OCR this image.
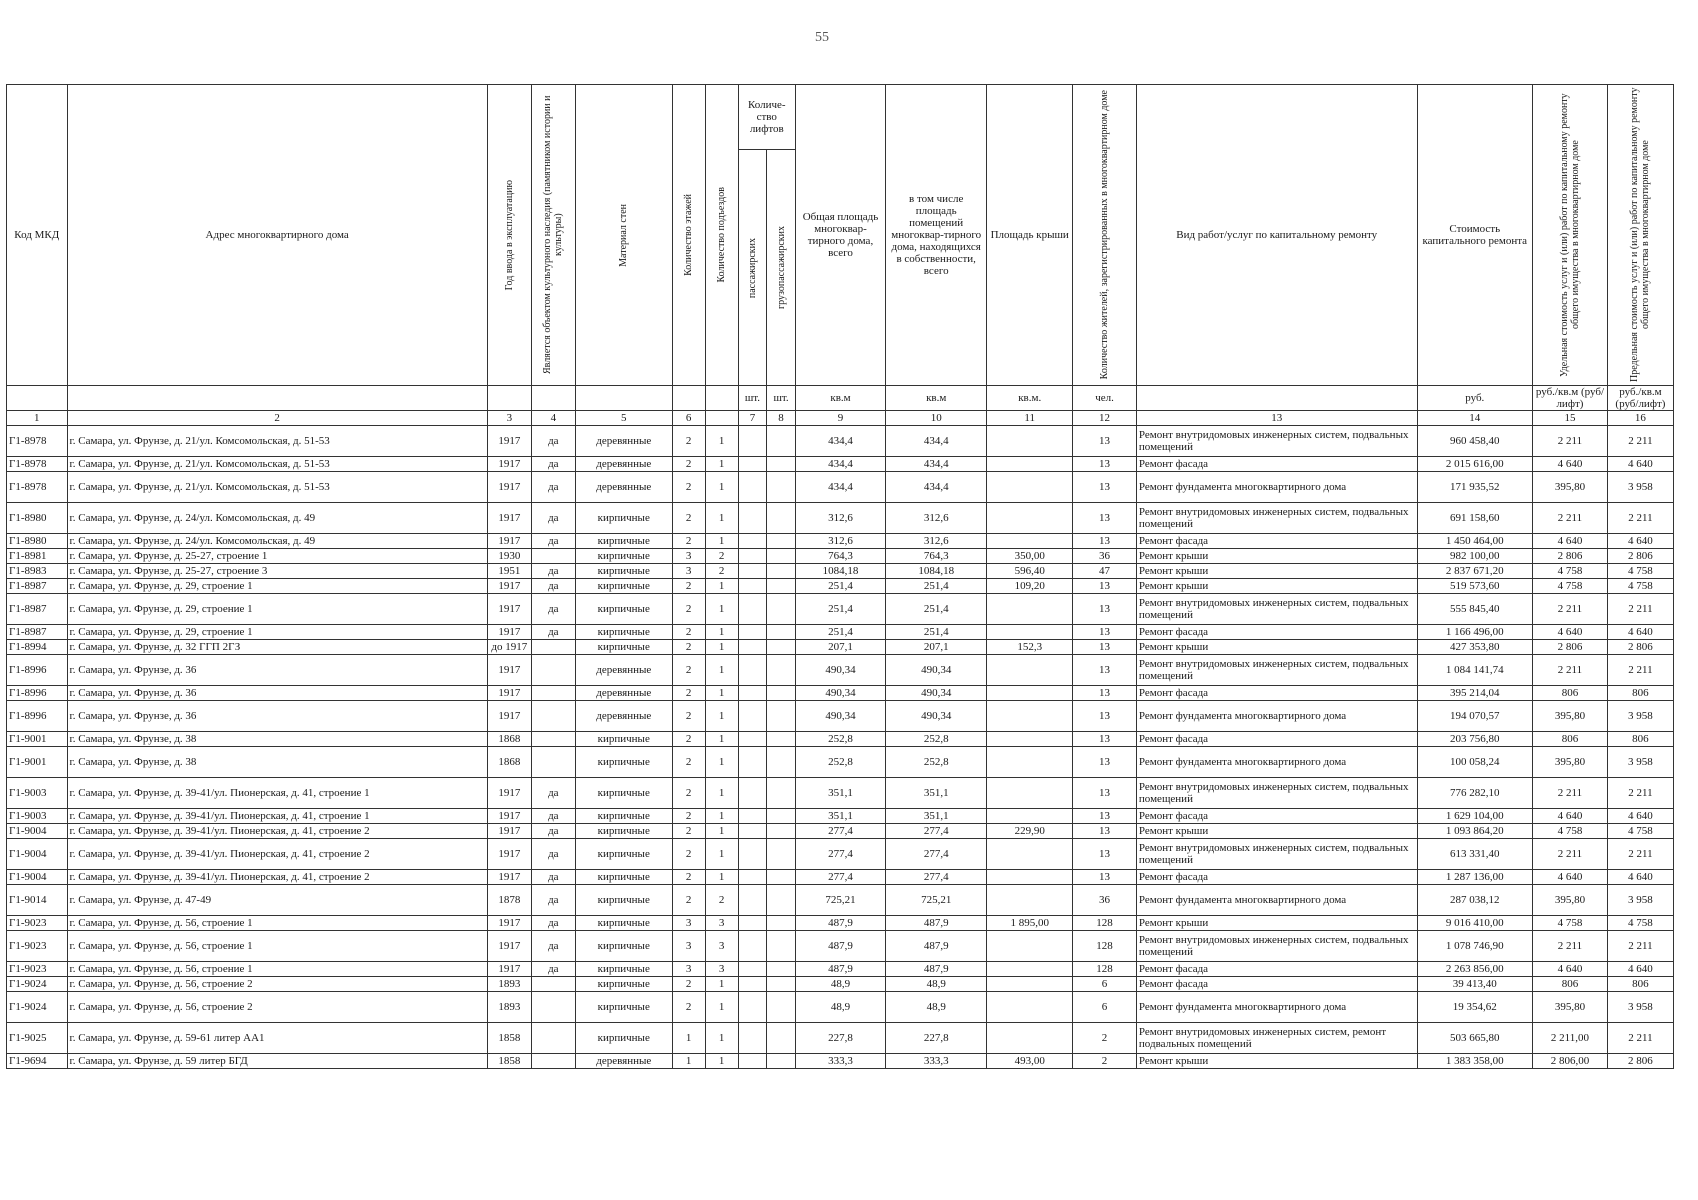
55
Код МКД	Адрес многоквартирного дома	Год ввода в эксплуатацию	Является объектом культурного наследия (памятником истории и культуры)	Материал стен	Количество этажей	Количество подъездов	Количе-ство лифтов		Общая площадь многоквар-тирного дома, всего	в том числе площадь помещений многоквар-тирного дома, находящихся в собственности, всего	Площадь крыши	Количество жителей, зарегистрированных в многоквартирном доме	Вид работ/услуг по капитальному ремонту	Стоимость капитального ремонта	Удельная стоимость услуг и (или) работ по капитальному ремонту общего имущества в многоквартирном доме	Предельная стоимость услуг и (или) работ по капитальному ремонту общего имущества в многоквартирном доме

							пассажирских	грузопассажирских								

							шт.	шт.	кв.м	кв.м	кв.м.	чел.		руб.	руб./кв.м (руб/лифт)	руб./кв.м (руб/лифт)
1	2	3	4	5	6		7	8	9	10	11	12	13	14	15	16
Г1-8978	г. Самара, ул. Фрунзе, д. 21/ул. Комсомольская, д. 51-53	1917	да	деревянные	2	1			434,4	434,4		13	Ремонт внутридомовых инженерных систем, подвальных помещений	960 458,40	2 211	2 211
Г1-8978	г. Самара, ул. Фрунзе, д. 21/ул. Комсомольская, д. 51-53	1917	да	деревянные	2	1			434,4	434,4		13	Ремонт фасада	2 015 616,00	4 640	4 640
Г1-8978	г. Самара, ул. Фрунзе, д. 21/ул. Комсомольская, д. 51-53	1917	да	деревянные	2	1			434,4	434,4		13	Ремонт фундамента многоквартирного дома	171 935,52	395,80	3 958
Г1-8980	г. Самара, ул. Фрунзе, д. 24/ул. Комсомольская, д. 49	1917	да	кирпичные	2	1			312,6	312,6		13	Ремонт внутридомовых инженерных систем, подвальных помещений	691 158,60	2 211	2 211
Г1-8980	г. Самара, ул. Фрунзе, д. 24/ул. Комсомольская, д. 49	1917	да	кирпичные	2	1			312,6	312,6		13	Ремонт фасада	1 450 464,00	4 640	4 640
Г1-8981	г. Самара, ул. Фрунзе, д. 25-27, строение 1	1930		кирпичные	3	2			764,3	764,3	350,00	36	Ремонт крыши	982 100,00	2 806	2 806
Г1-8983	г. Самара, ул. Фрунзе, д. 25-27, строение 3	1951	да	кирпичные	3	2			1084,18	1084,18	596,40	47	Ремонт крыши	2 837 671,20	4 758	4 758
Г1-8987	г. Самара, ул. Фрунзе, д. 29, строение 1	1917	да	кирпичные	2	1			251,4	251,4	109,20	13	Ремонт крыши	519 573,60	4 758	4 758
Г1-8987	г. Самара, ул. Фрунзе, д. 29, строение 1	1917	да	кирпичные	2	1			251,4	251,4		13	Ремонт внутридомовых инженерных систем, подвальных помещений	555 845,40	2 211	2 211
Г1-8987	г. Самара, ул. Фрунзе, д. 29, строение 1	1917	да	кирпичные	2	1			251,4	251,4		13	Ремонт фасада	1 166 496,00	4 640	4 640
Г1-8994	г. Самара, ул. Фрунзе, д. 32 ГГП 2ГЗ	до 1917		кирпичные	2	1			207,1	207,1	152,3	13	Ремонт крыши	427 353,80	2 806	2 806
Г1-8996	г. Самара, ул. Фрунзе, д. 36	1917		деревянные	2	1			490,34	490,34		13	Ремонт внутридомовых инженерных систем, подвальных помещений	1 084 141,74	2 211	2 211
Г1-8996	г. Самара, ул. Фрунзе, д. 36	1917		деревянные	2	1			490,34	490,34		13	Ремонт фасада	395 214,04	806	806
Г1-8996	г. Самара, ул. Фрунзе, д. 36	1917		деревянные	2	1			490,34	490,34		13	Ремонт фундамента многоквартирного дома	194 070,57	395,80	3 958
Г1-9001	г. Самара, ул. Фрунзе, д. 38	1868		кирпичные	2	1			252,8	252,8		13	Ремонт фасада	203 756,80	806	806
Г1-9001	г. Самара, ул. Фрунзе, д. 38	1868		кирпичные	2	1			252,8	252,8		13	Ремонт фундамента многоквартирного дома	100 058,24	395,80	3 958
Г1-9003	г. Самара, ул. Фрунзе, д. 39-41/ул. Пионерская, д. 41, строение 1	1917	да	кирпичные	2	1			351,1	351,1		13	Ремонт внутридомовых инженерных систем, подвальных помещений	776 282,10	2 211	2 211
Г1-9003	г. Самара, ул. Фрунзе, д. 39-41/ул. Пионерская, д. 41, строение 1	1917	да	кирпичные	2	1			351,1	351,1		13	Ремонт фасада	1 629 104,00	4 640	4 640
Г1-9004	г. Самара, ул. Фрунзе, д. 39-41/ул. Пионерская, д. 41, строение 2	1917	да	кирпичные	2	1			277,4	277,4	229,90	13	Ремонт крыши	1 093 864,20	4 758	4 758
Г1-9004	г. Самара, ул. Фрунзе, д. 39-41/ул. Пионерская, д. 41, строение 2	1917	да	кирпичные	2	1			277,4	277,4		13	Ремонт внутридомовых инженерных систем, подвальных помещений	613 331,40	2 211	2 211
Г1-9004	г. Самара, ул. Фрунзе, д. 39-41/ул. Пионерская, д. 41, строение 2	1917	да	кирпичные	2	1			277,4	277,4		13	Ремонт фасада	1 287 136,00	4 640	4 640
Г1-9014	г. Самара, ул. Фрунзе, д. 47-49	1878	да	кирпичные	2	2			725,21	725,21		36	Ремонт фундамента многоквартирного дома	287 038,12	395,80	3 958
Г1-9023	г. Самара, ул. Фрунзе, д. 56, строение 1	1917	да	кирпичные	3	3			487,9	487,9	1 895,00	128	Ремонт крыши	9 016 410,00	4 758	4 758
Г1-9023	г. Самара, ул. Фрунзе, д. 56, строение 1	1917	да	кирпичные	3	3			487,9	487,9		128	Ремонт внутридомовых инженерных систем, подвальных помещений	1 078 746,90	2 211	2 211
Г1-9023	г. Самара, ул. Фрунзе, д. 56, строение 1	1917	да	кирпичные	3	3			487,9	487,9		128	Ремонт фасада	2 263 856,00	4 640	4 640
Г1-9024	г. Самара, ул. Фрунзе, д. 56, строение 2	1893		кирпичные	2	1			48,9	48,9		6	Ремонт фасада	39 413,40	806	806
Г1-9024	г. Самара, ул. Фрунзе, д. 56, строение 2	1893		кирпичные	2	1			48,9	48,9		6	Ремонт фундамента многоквартирного дома	19 354,62	395,80	3 958
Г1-9025	г. Самара, ул. Фрунзе, д. 59-61 литер АА1	1858		кирпичные	1	1			227,8	227,8		2	Ремонт внутридомовых инженерных систем, ремонт подвальных помещений	503 665,80	2 211,00	2 211
Г1-9694	г. Самара, ул. Фрунзе, д. 59 литер БГД	1858		деревянные	1	1			333,3	333,3	493,00	2	Ремонт крыши	1 383 358,00	2 806,00	2 806
